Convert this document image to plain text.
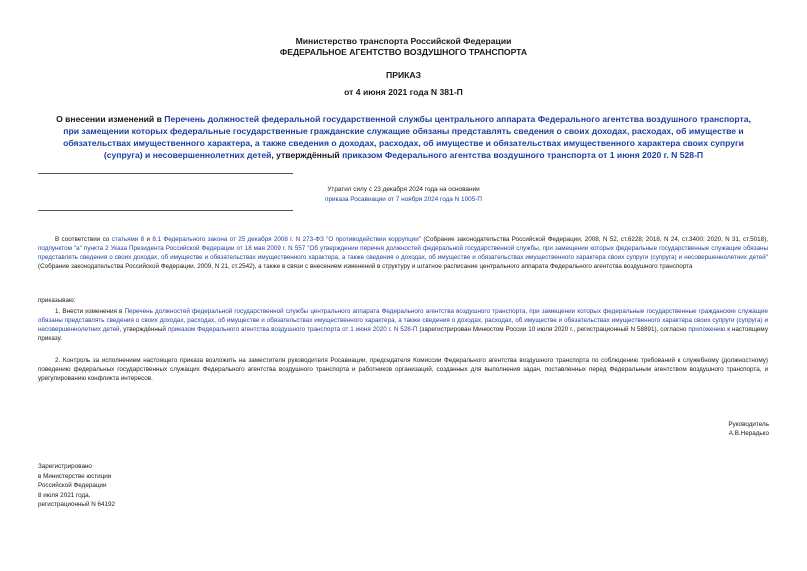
Министерство транспорта Российской Федерации
ФЕДЕРАЛЬНОЕ АГЕНТСТВО ВОЗДУШНОГО ТРАНСПОРТА
ПРИКАЗ
от 4 июня 2021 года N 381-П
О внесении изменений в Перечень должностей федеральной государственной службы центрального аппарата Федерального агентства воздушного транспорта, при замещении которых федеральные государственные гражданские служащие обязаны представлять сведения о своих доходах, расходах, об имуществе и обязательствах имущественного характера, а также сведения о доходах, расходах, об имуществе и обязательствах имущественного характера своих супруги (супруга) и несовершеннолетних детей, утверждённый приказом Федерального агентства воздушного транспорта от 1 июня 2020 г. N 528-П
Утратил силу с 23 декабря 2024 года на основании
приказа Росавиации от 7 ноября 2024 года N 1005-П
В соответствии со статьями 8 и 8.1 Федерального закона от 25 декабря 2008 г. N 273-ФЗ "О противодействии коррупции" (Собрание законодательства Российской Федерации, 2008, N 52, ст.6228; 2018, N 24, ст.3400; 2020, N 31, ст.5018), подпунктом "а" пункта 2 Указа Президента Российской Федерации от 18 мая 2009 г. N 557 "Об утверждении перечня должностей федеральной государственной службы, при замещении которых федеральные государственные служащие обязаны представлять сведения о своих доходах, об имуществе и обязательствах имущественного характера, а также сведения о доходах, об имуществе и обязательствах имущественного характера своих супруги (супруга) и несовершеннолетних детей" (Собрание законодательства Российской Федерации, 2009, N 21, ст.2542), а также в связи с внесением изменений в структуру и штатное расписание центрального аппарата Федерального агентства воздушного транспорта
приказываю:
1. Внести изменения в Перечень должностей федеральной государственной службы центрального аппарата Федерального агентства воздушного транспорта, при замещении которых федеральные государственные гражданские служащие обязаны представлять сведения о своих доходах, расходах, об имуществе и обязательствах имущественного характера, а также сведения о доходах, расходах, об имуществе и обязательствах имущественного характера своих супруги (супруга) и несовершеннолетних детей, утверждённый приказом Федерального агентства воздушного транспорта от 1 июня 2020 г. N 528-П (зарегистрирован Минюстом России 10 июля 2020 г., регистрационный N 58891), согласно приложению к настоящему приказу.
2. Контроль за исполнением настоящего приказа возложить на заместителя руководителя Росавиации, председателя Комиссии Федерального агентства воздушного транспорта по соблюдению требований к служебному (должностному) поведению федеральных государственных служащих Федерального агентства воздушного транспорта и работников организаций, созданных для выполнения задач, поставленных перед Федеральным агентством воздушного транспорта, и урегулированию конфликта интересов.
Руководитель
А.В.Нерадько
Зарегистрировано
в Министерстве юстиции
Российской Федерации
8 июля 2021 года,
регистрационный N 64192
